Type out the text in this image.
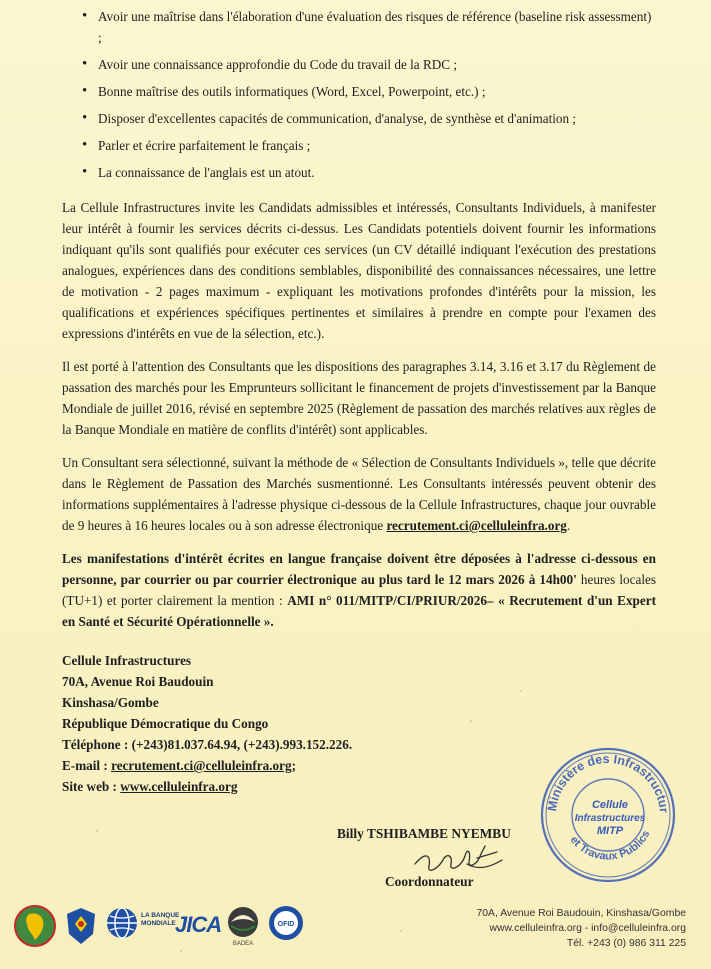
• Avoir une maîtrise dans l'élaboration d'une évaluation des risques de référence (baseline risk assessment) ;
• Avoir une connaissance approfondie du Code du travail de la RDC ;
• Bonne maîtrise des outils informatiques (Word, Excel, Powerpoint, etc.) ;
• Disposer d'excellentes capacités de communication, d'analyse, de synthèse et d'animation ;
• Parler et écrire parfaitement le français ;
• La connaissance de l'anglais est un atout.

La Cellule Infrastructures invite les Candidats admissibles et intéressés, Consultants Individuels, à manifester leur intérêt à fournir les services décrits ci-dessus. Les Candidats potentiels doivent fournir les informations indiquant qu'ils sont qualifiés pour exécuter ces services (un CV détaillé indiquant l'exécution des prestations analogues, expériences dans des conditions semblables, disponibilité des connaissances nécessaires, une lettre de motivation - 2 pages maximum - expliquant les motivations profondes d'intérêts pour la mission, les qualifications et expériences spécifiques pertinentes et similaires à prendre en compte pour l'examen des expressions d'intérêts en vue de la sélection, etc.).

Il est porté à l'attention des Consultants que les dispositions des paragraphes 3.14, 3.16 et 3.17 du Règlement de passation des marchés pour les Emprunteurs sollicitant le financement de projets d'investissement par la Banque Mondiale de juillet 2016, révisé en septembre 2025 (Règlement de passation des marchés relatives aux règles de la Banque Mondiale en matière de conflits d'intérêt) sont applicables.

Un Consultant sera sélectionné, suivant la méthode de « Sélection de Consultants Individuels », telle que décrite dans le Règlement de Passation des Marchés susmentionné. Les Consultants intéressés peuvent obtenir des informations supplémentaires à l'adresse physique ci-dessous de la Cellule Infrastructures, chaque jour ouvrable de 9 heures à 16 heures locales ou à son adresse électronique recrutement.ci@celluleinfra.org.

Les manifestations d'intérêt écrites en langue française doivent être déposées à l'adresse ci-dessous en personne, par courrier ou par courrier électronique au plus tard le 12 mars 2026 à 14h00' heures locales (TU+1) et porter clairement la mention : AMI n° 011/MITP/CI/PRIUR/2026– « Recrutement d'un Expert en Santé et Sécurité Opérationnelle ».

Cellule Infrastructures
70A, Avenue Roi Baudouin
Kinshasa/Gombe
République Démocratique du Congo
Téléphone : (+243)81.037.64.94, (+243).993.152.226.
E-mail : recrutement.ci@celluleinfra.org;
Site web : www.celluleinfra.org
Ministère des Infrastructur
et Travaux Publics
Cellule
Infrastructures
MITP
Billy TSHIBAMBE NYEMBU
Coordonnateur
LA BANQUE
MONDIALE JICA
BADEA
OFID
70A, Avenue Roi Baudouin, Kinshasa/Gombe
www.celluleinfra.org - info@celluleinfra.org
Tél. +243 (0) 986 311 225
